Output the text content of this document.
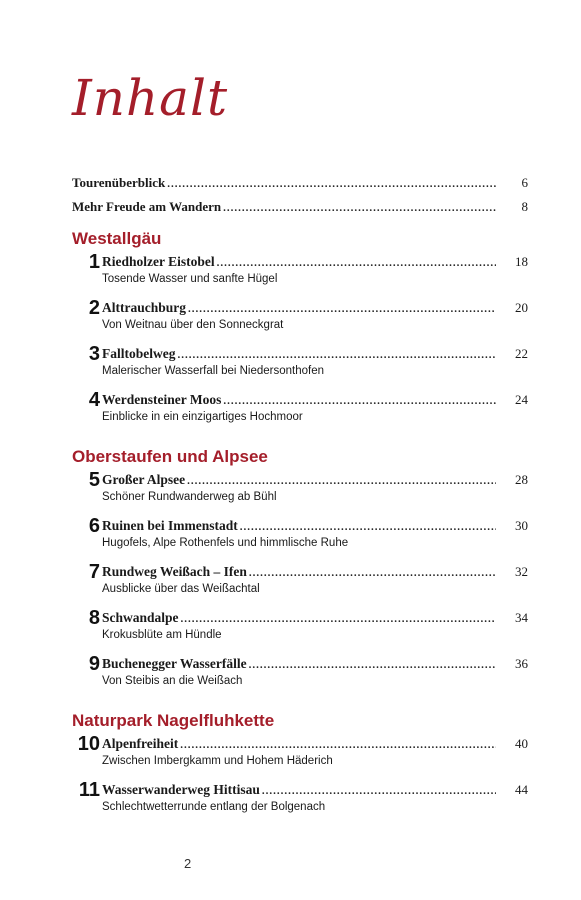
Inhalt
Tourenüberblick .....	6
Mehr Freude am Wandern .....	8
Westallgäu
1 Riedholzer Eistobel .....	18
Tosende Wasser und sanfte Hügel
2 Alttrauchburg .....	20
Von Weitnau über den Sonneckgrat
3 Falltobelweg .....	22
Malerischer Wasserfall bei Niedersonthofen
4 Werdensteiner Moos .....	24
Einblicke in ein einzigartiges Hochmoor
Oberstaufen und Alpsee
5 Großer Alpsee .....	28
Schöner Rundwanderweg ab Bühl
6 Ruinen bei Immenstadt .....	30
Hugofels, Alpe Rothenfels und himmlische Ruhe
7 Rundweg Weißach – Ifen .....	32
Ausblicke über das Weißachtal
8 Schwandalpe .....	34
Krokusblüte am Hündle
9 Buchenegger Wasserfälle .....	36
Von Steibis an die Weißach
Naturpark Nagelfluhkette
10 Alpenfreiheit .....	40
Zwischen Imbergkamm und Hohem Häderich
11 Wasserwanderweg Hittisau .....	44
Schlechtwetterrunde entlang der Bolgenach
2
